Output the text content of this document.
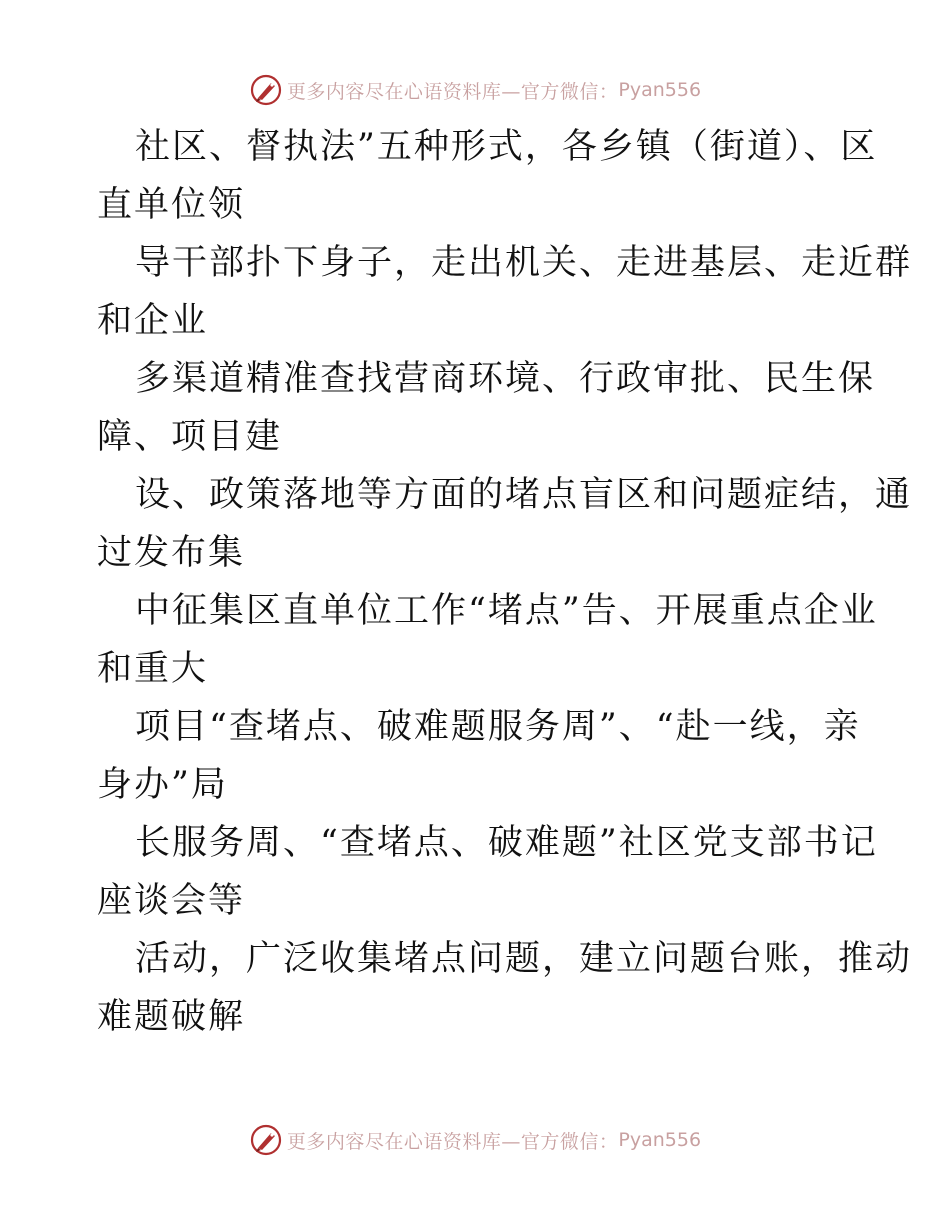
更多内容尽在心语资料库—官方微信： Pyan556
社区、督执法”五种形式，各乡镇（街道）、区
直单位领
导干部扑下身子，走出机关、走进基层、走近群
和企业
多渠道精准查找营商环境、行政审批、民生保
障、项目建
设、政策落地等方面的堵点盲区和问题症结，通
过发布集
中征集区直单位工作“堵点”告、开展重点企业
和重大
项目“查堵点、破难题服务周”、“赴一线，亲
身办”局
长服务周、“查堵点、破难题”社区党支部书记
座谈会等
活动，广泛收集堵点问题，建立问题台账，推动
难题破解
更多内容尽在心语资料库—官方微信： Pyan556
